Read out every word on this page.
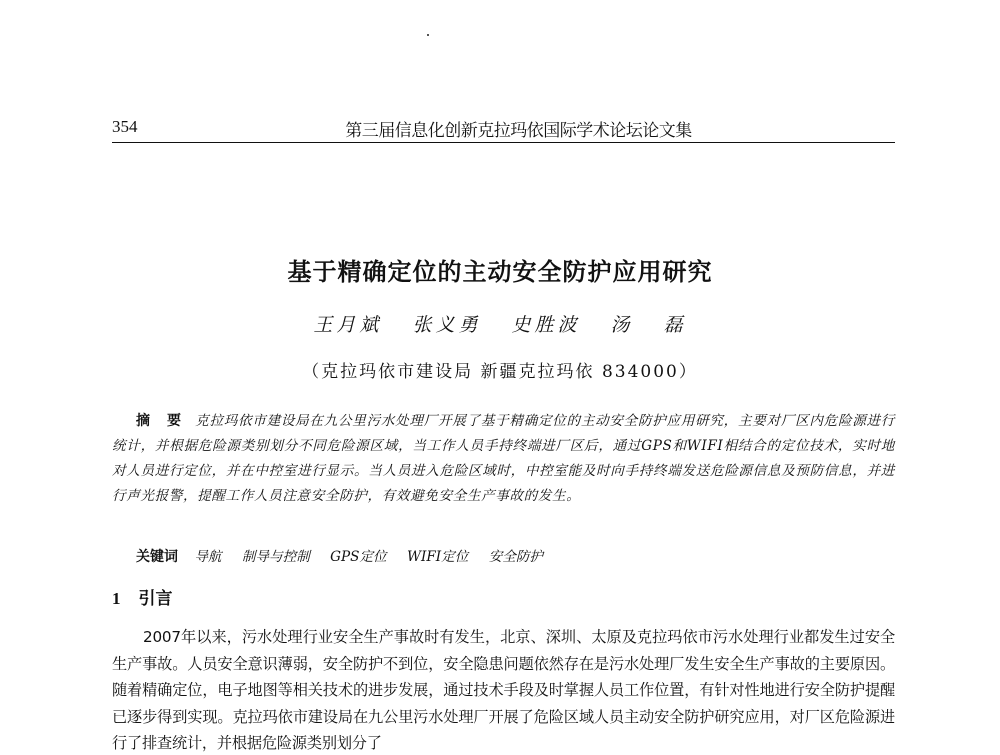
354	第三届信息化创新克拉玛依国际学术论坛论文集
基于精确定位的主动安全防护应用研究
王月斌 张义勇 史胜波 汤 磊
（克拉玛依市建设局 新疆克拉玛依 834000）
摘 要 克拉玛依市建设局在九公里污水处理厂开展了基于精确定位的主动安全防护应用研究，主要对厂区内危险源进行统计，并根据危险源类别划分不同危险源区域，当工作人员手持终端进厂区后，通过GPS和WIFI相结合的定位技术，实时地对人员进行定位，并在中控室进行显示。当人员进入危险区域时，中控室能及时向手持终端发送危险源信息及预防信息，并进行声光报警，提醒工作人员注意安全防护，有效避免安全生产事故的发生。
关键词 导航 制导与控制 GPS定位 WIFI定位 安全防护
1 引言
2007年以来，污水处理行业安全生产事故时有发生，北京、深圳、太原及克拉玛依市污水处理行业都发生过安全生产事故。人员安全意识薄弱，安全防护不到位，安全隐患问题依然存在是污水处理厂发生安全生产事故的主要原因。随着精确定位，电子地图等相关技术的进步发展，通过技术手段及时掌握人员工作位置，有针对性地进行安全防护提醒已逐步得到实现。克拉玛依市建设局在九公里污水处理厂开展了危险区域人员主动安全防护研究应用，对厂区危险源进行了排查统计，并根据危险源类别划分了
